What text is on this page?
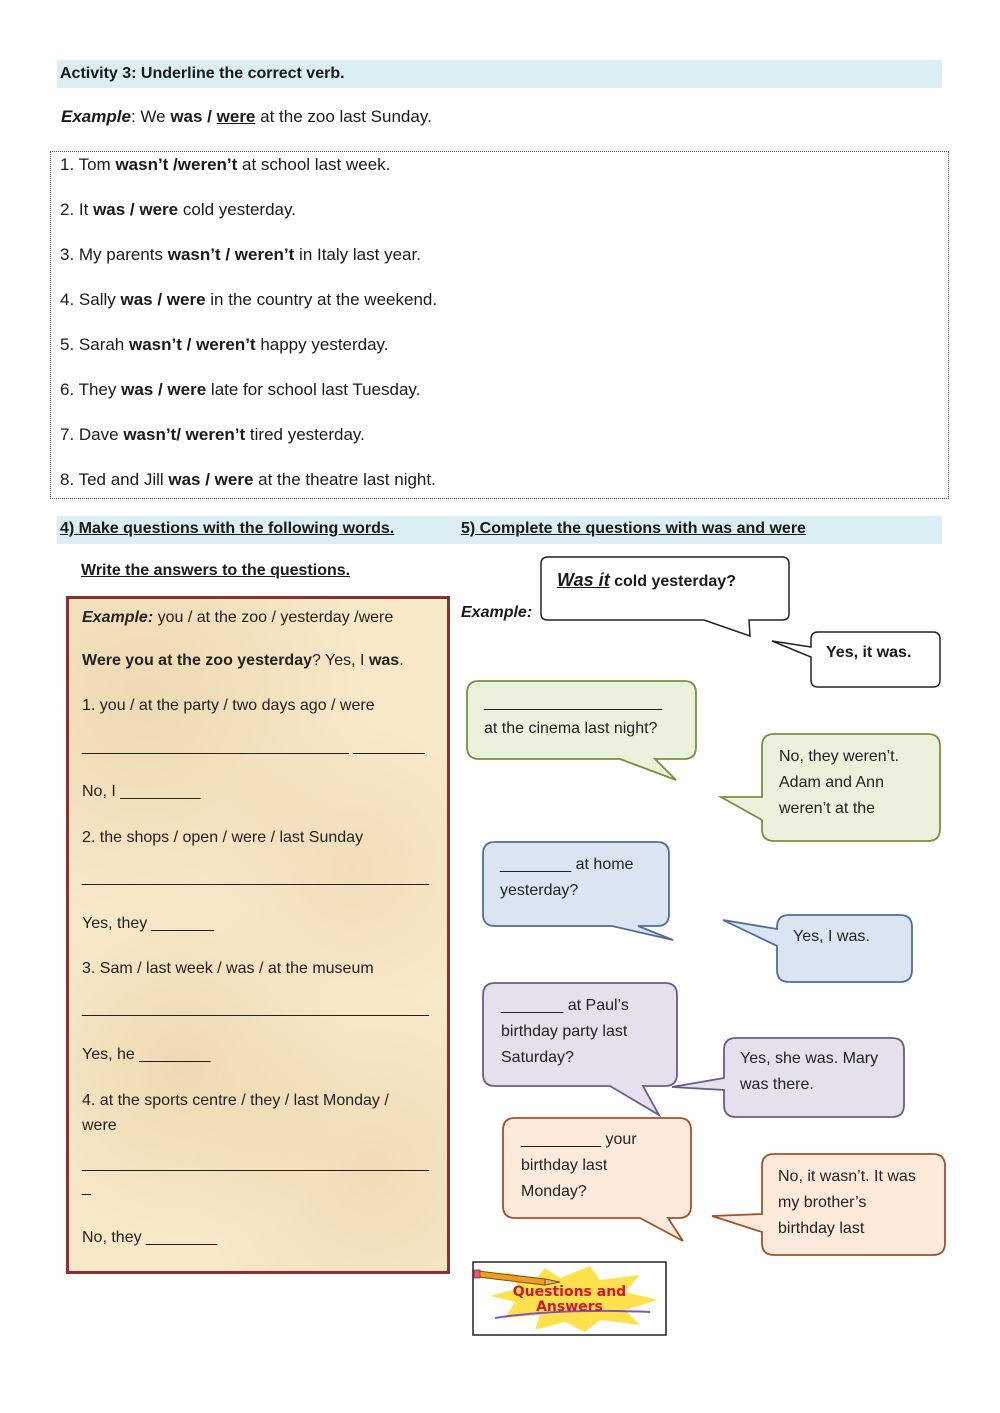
Activity 3: Underline the correct verb.
Example: We was / were at the zoo last Sunday.
1. Tom wasn’t /weren’t at school last week.
2. It was / were cold yesterday.
3. My parents wasn’t / weren’t in Italy last year.
4. Sally was / were in the country at the weekend.
5. Sarah wasn’t / weren’t happy yesterday.
6. They was / were late for school last Tuesday.
7. Dave wasn’t/ weren’t tired yesterday.
8. Ted and Jill was / were at the theatre last night.
4) Make questions with the following words.	5) Complete the questions with was and were
Write the answers to the questions.
Example: you / at the zoo / yesterday /were
Were you at the zoo yesterday? Yes, I was.
1. you / at the party / two days ago / were
______________________________ ________
No, I _________
2. the shops / open / were / last Sunday
_______________________________________
Yes, they _______
3. Sam / last week / was / at the museum
_______________________________________
Yes, he ________
4. at the sports centre / they / last Monday /
were
_______________________________________
_
No, they ________
Example:
Was it cold yesterday?
Yes, it was.
____________________
at the cinema last night?
No, they weren’t.
Adam and Ann
weren’t at the
________ at home
yesterday?
Yes, I was.
_______ at Paul’s
birthday party last
Saturday?	Yes, she was. Mary
was there.
_________ your
birthday last
Monday?
No, it wasn’t. It was
my brother’s
birthday last
Questions and
Answers
